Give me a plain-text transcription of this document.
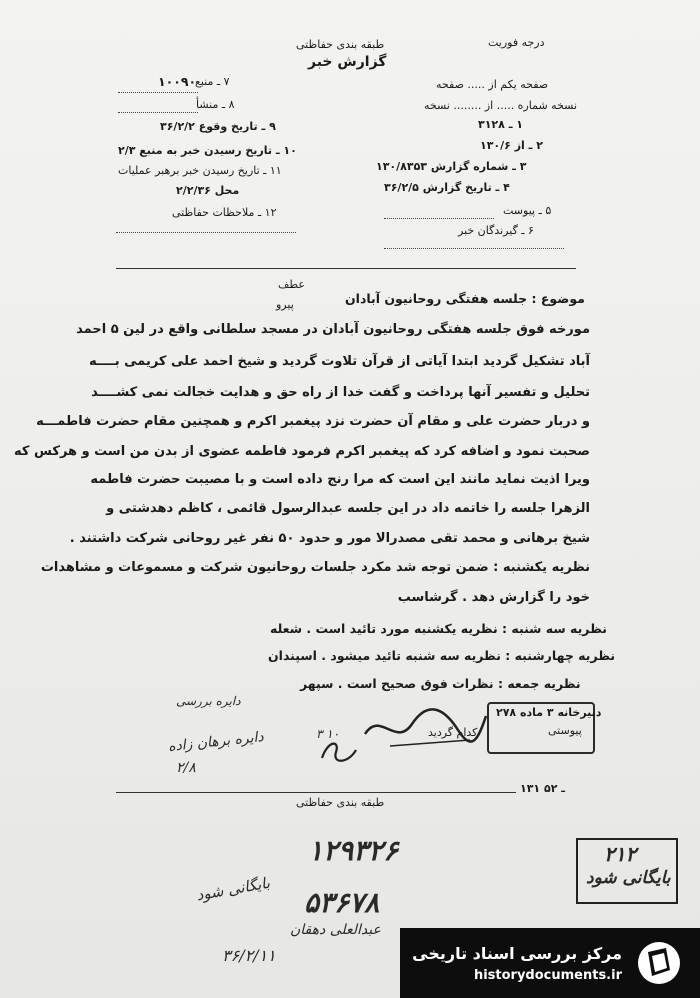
طبقه بندی حفاظتی
گزارش خبر
درجه فوریت
صفحه یکم از ..... صفحه
نسخه شماره ..... از ........ نسخه
۷ ـ منبع
۱۰۰۹۰
۸ ـ منشأ
۹ ـ تاریخ وقوع ۳۶/۲/۲
۱۰ ـ تاریخ رسیدن خبر به منبع ۲/۳
۱۱ ـ تاریخ رسیدن خبر برهبر عملیات
محل ۲/۲/۳۶
۱۲ ـ ملاحظات حفاظتی
۱ ـ ۳۱۲۸
۲ ـ از ۱۳۰/۶
۳ ـ شماره گزارش ۱۳۰/۸۳۵۳
۴ ـ تاریخ گزارش ۳۶/۲/۵
۵ ـ پیوست
۶ ـ گیرندگان خبر
عطف
پیرو	موضوع : جلسه هفتگی روحانیون آبادان
مورخه فوق جلسه هفتگی روحانیون آبادان در مسجد سلطانی واقع در لین ۵ احمد
آباد تشکیل گردید ابتدا آیاتی از قرآن تلاوت گردید و شیخ احمد علی کریمی بــــه
تحلیل و تفسیر آنها پرداخت و گفت خدا از راه حق و هدایت خجالت نمی کشــــد
و دربار حضرت علی و مقام آن حضرت نزد پیغمبر اکرم و همچنین مقام حضرت فاطمـــه
صحبت نمود و اضافه کرد که پیغمبر اکرم فرمود فاطمه عضوی از بدن من است و هرکس که
ویرا اذیت نماید مانند این است که مرا رنج داده است و با مصیبت حضرت فاطمه
الزهرا جلسه را خاتمه داد در این جلسه عبدالرسول قائمی ، کاظم دهدشتی و
شیخ برهانی و محمد تقی مصدرالا مور و حدود ۵۰ نفر غیر روحانی شرکت داشتند .
نظریه یکشنبه : ضمن توجه شد مکرد جلسات روحانیون شرکت و مسموعات و مشاهدات
خود را گزارش دهد . گرشاسب
نظریه سه شنبه : نظریه یکشنبه مورد تائید است . شعله
نظریه چهارشنبه : نظریه سه شنبه تائید میشود . اسپندان
نظریه جمعه : نظرات فوق صحیح است . سپهر
دبیرخانه ۳ ماده ۲۷۸
پیوستی
کدام گردید
دایره بررسی
دایره برهان زاده
۲/۸
۳ ۱۰
۱۳۱ ـ ۵۲
طبقه بندی حفاظتی
۱۲۹۳۲۶
۵۳۶۷۸
۲۱۲
بایگانی شود
بایگانی شود
عبدالعلی دهقان
۳۶/۲/۱۱	مرکز بررسی اسناد تاریخی
historydocuments.ir
